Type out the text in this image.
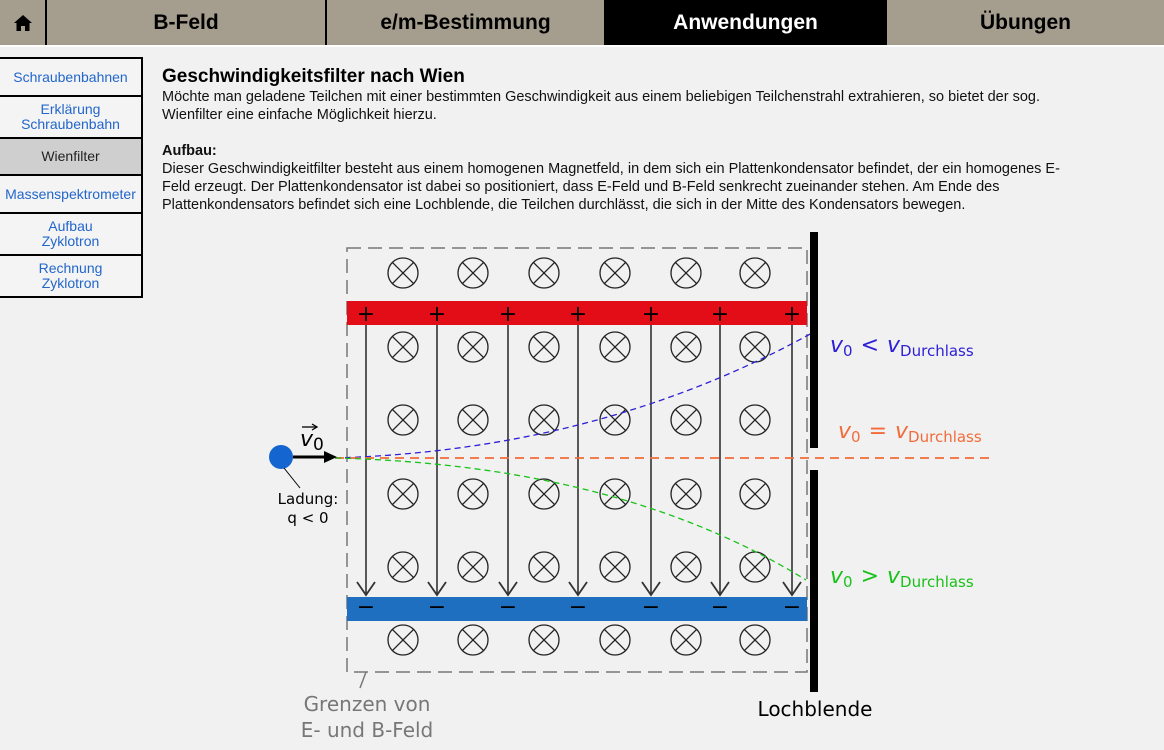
B-Feld	e/m-Bestimmung	Anwendungen	Übungen
Schraubenbahnen
Erklärung
Schraubenbahn
Wienfilter
Massenspektrometer
Aufbau
Zyklotron
Rechnung
Zyklotron
Geschwindigkeitsfilter nach Wien

Möchte man geladene Teilchen mit einer bestimmten Geschwindigkeit aus einem beliebigen Teilchenstrahl extrahieren, so bietet der sog. Wienfilter eine einfache Möglichkeit hierzu.

Aufbau:

Dieser Geschwindigkeitfilter besteht aus einem homogenen Magnetfeld, in dem sich ein Plattenkondensator befindet, der ein homogenes E-Feld erzeugt. Der Plattenkondensator ist dabei so positioniert, dass E-Feld und B-Feld senkrecht zueinander stehen. Am Ende des Plattenkondensators befindet sich eine Lochblende, die Teilchen durchlässt, die sich in der Mitte des Kondensators bewegen.

+ + + + + + +
− − − − − − −
v0
Ladung:
q < 0
v0 < vDurchlass
v0 = vDurchlass
v0 > vDurchlass
Grenzen von
E- und B-Feld
Lochblende
